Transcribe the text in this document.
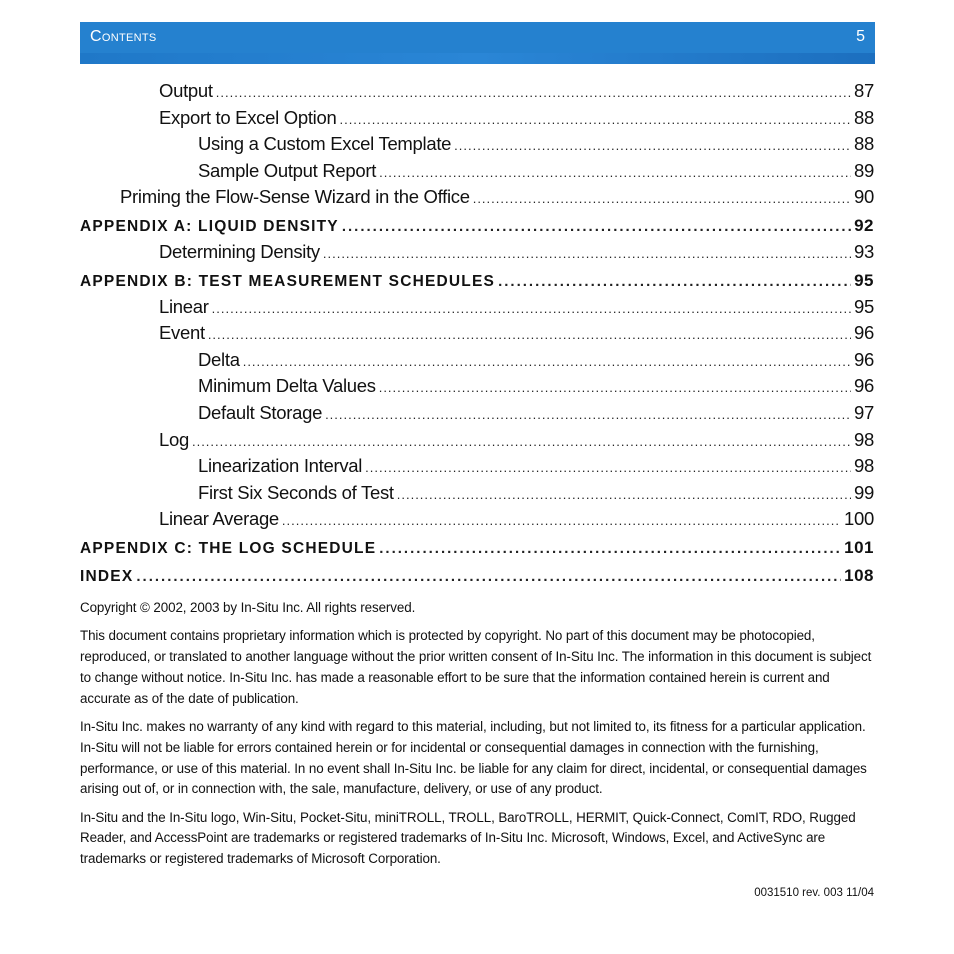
Contents	5
Output .....	87
Export to Excel Option .....	88
Using a Custom Excel Template .....	88
Sample Output Report .....	89
Priming the Flow-Sense Wizard in the Office .....	90
APPENDIX A: LIQUID DENSITY .....	92
Determining Density .....	93
APPENDIX B: TEST MEASUREMENT SCHEDULES .....	95
Linear .....	95
Event .....	96
Delta .....	96
Minimum Delta Values .....	96
Default Storage .....	97
Log .....	98
Linearization Interval .....	98
First Six Seconds of Test .....	99
Linear Average .....	100
APPENDIX C: THE LOG SCHEDULE .....	101
INDEX .....	108

Copyright © 2002, 2003 by In-Situ Inc. All rights reserved.

This document contains proprietary information which is protected by copyright. No part of this document may be photocopied, reproduced, or translated to another language without the prior written consent of In-Situ Inc. The information in this document is subject to change without notice. In-Situ Inc. has made a reasonable effort to be sure that the information contained herein is current and accurate as of the date of publication.

In-Situ Inc. makes no warranty of any kind with regard to this material, including, but not limited to, its fitness for a particular application. In-Situ will not be liable for errors contained herein or for incidental or consequential damages in connection with the furnishing, performance, or use of this material. In no event shall In-Situ Inc. be liable for any claim for direct, incidental, or consequential damages arising out of, or in connection with, the sale, manufacture, delivery, or use of any product.

In-Situ and the In-Situ logo, Win-Situ, Pocket-Situ, miniTROLL, TROLL, BaroTROLL, HERMIT, Quick-Connect, ComIT, RDO, Rugged Reader, and AccessPoint are trademarks or registered trademarks of In-Situ Inc. Microsoft, Windows, Excel, and ActiveSync are trademarks or registered trademarks of Microsoft Corporation.

0031510 rev. 003 11/04
